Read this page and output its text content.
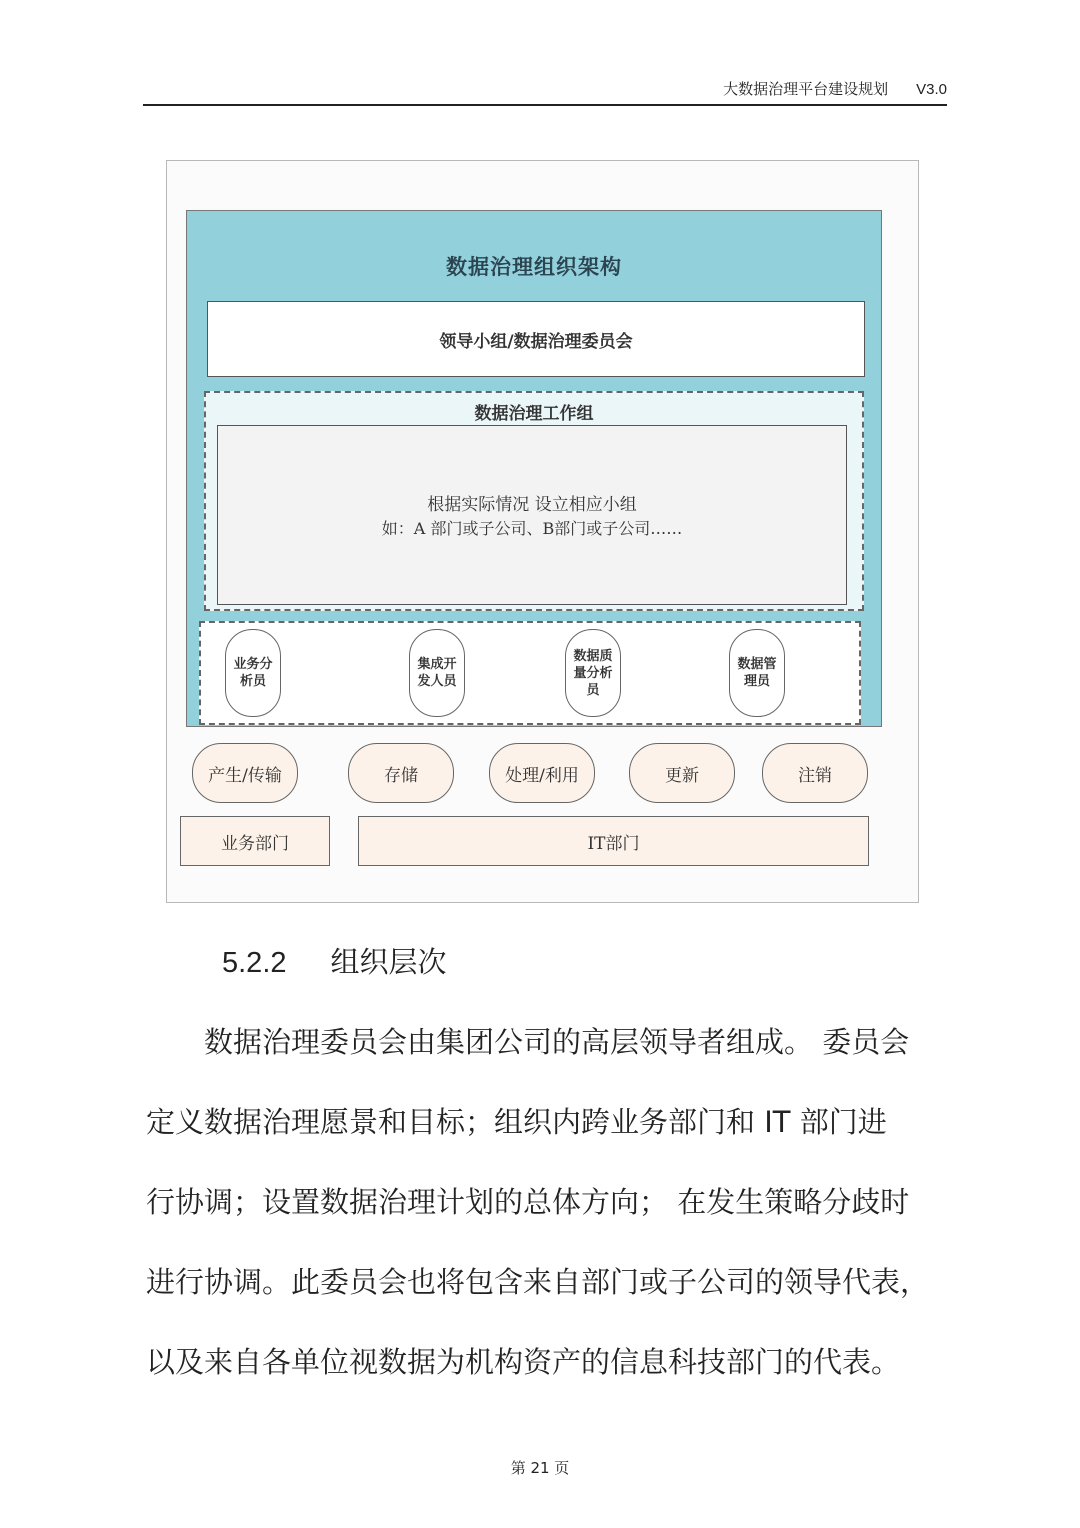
大数据治理平台建设规划 V3.0
数据治理组织架构
领导小组/数据治理委员会
数据治理工作组
根据实际情况 设立相应小组
如：A 部门或子公司、B部门或子公司……
业务分
析员
集成开
发人员
数据质
量分析
员
数据管
理员
产生/传输	存储	处理/利用	更新	注销
业务部门	IT部门
5.2.2 组织层次
　　数据治理委员会由集团公司的高层领导者组成。 委员会
定义数据治理愿景和目标；组织内跨业务部门和 IT 部门进
行协调；设置数据治理计划的总体方向； 在发生策略分歧时
进行协调。此委员会也将包含来自部门或子公司的领导代表，
以及来自各单位视数据为机构资产的信息科技部门的代表。
第 21 页
